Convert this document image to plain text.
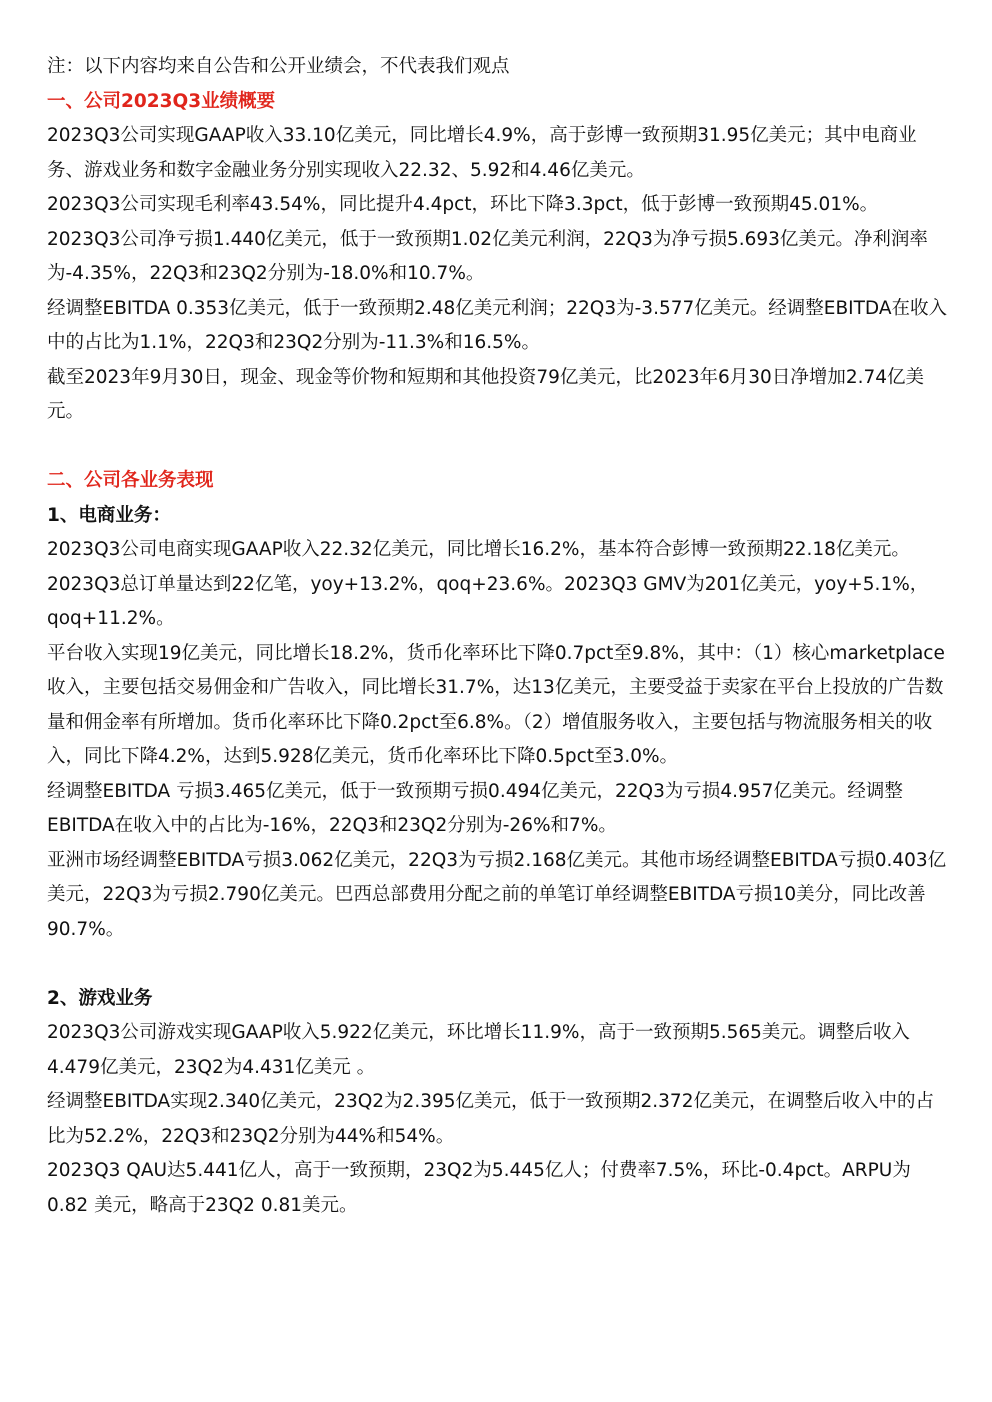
注：以下内容均来自公告和公开业绩会，不代表我们观点

一、公司2023Q3业绩概要

2023Q3公司实现GAAP收入33.10亿美元，同比增长4.9%，高于彭博一致预期31.95亿美元；其中电商业务、游戏业务和数字金融业务分别实现收入22.32、5.92和4.46亿美元。

2023Q3公司实现毛利率43.54%，同比提升4.4pct，环比下降3.3pct，低于彭博一致预期45.01%。

2023Q3公司净亏损1.440亿美元，低于一致预期1.02亿美元利润，22Q3为净亏损5.693亿美元。净利润率为-4.35%，22Q3和23Q2分别为-18.0%和10.7%。

经调整EBITDA 0.353亿美元，低于一致预期2.48亿美元利润；22Q3为-3.577亿美元。经调整EBITDA在收入中的占比为1.1%，22Q3和23Q2分别为-11.3%和16.5%。

截至2023年9月30日，现金、现金等价物和短期和其他投资79亿美元，比2023年6月30日净增加2.74亿美元。

二、公司各业务表现

1、电商业务：

2023Q3公司电商实现GAAP收入22.32亿美元，同比增长16.2%，基本符合彭博一致预期22.18亿美元。

2023Q3总订单量达到22亿笔，yoy+13.2%，qoq+23.6%。2023Q3 GMV为201亿美元，yoy+5.1%，qoq+11.2%。

平台收入实现19亿美元，同比增长18.2%，货币化率环比下降0.7pct至9.8%，其中：（1）核心marketplace收入，主要包括交易佣金和广告收入，同比增长31.7%，达13亿美元，主要受益于卖家在平台上投放的广告数量和佣金率有所增加。货币化率环比下降0.2pct至6.8%。（2）增值服务收入，主要包括与物流服务相关的收入，同比下降4.2%，达到5.928亿美元，货币化率环比下降0.5pct至3.0%。

经调整EBITDA 亏损3.465亿美元，低于一致预期亏损0.494亿美元，22Q3为亏损4.957亿美元。经调整EBITDA在收入中的占比为-16%，22Q3和23Q2分别为-26%和7%。

亚洲市场经调整EBITDA亏损3.062亿美元，22Q3为亏损2.168亿美元。其他市场经调整EBITDA亏损0.403亿美元，22Q3为亏损2.790亿美元。巴西总部费用分配之前的单笔订单经调整EBITDA亏损10美分，同比改善90.7%。

2、游戏业务

2023Q3公司游戏实现GAAP收入5.922亿美元，环比增长11.9%，高于一致预期5.565美元。调整后收入4.479亿美元，23Q2为4.431亿美元 。

经调整EBITDA实现2.340亿美元，23Q2为2.395亿美元，低于一致预期2.372亿美元，在调整后收入中的占比为52.2%，22Q3和23Q2分别为44%和54%。

2023Q3 QAU达5.441亿人，高于一致预期，23Q2为5.445亿人；付费率7.5%，环比-0.4pct。ARPU为 0.82 美元，略高于23Q2 0.81美元。
